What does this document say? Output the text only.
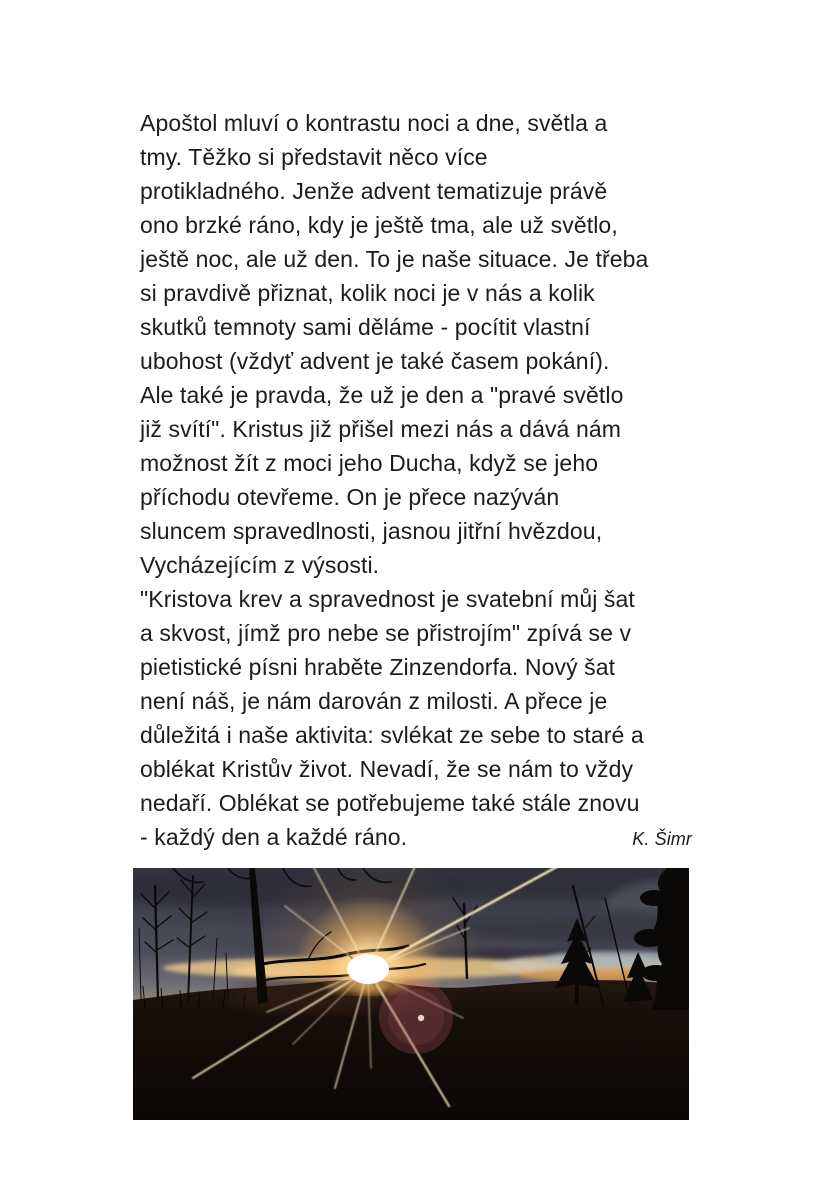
Apoštol mluví o kontrastu noci a dne, světla a
tmy. Těžko si představit něco více
protikladného. Jenže advent tematizuje právě
ono brzké ráno, kdy je ještě tma, ale už světlo,
ještě noc, ale už den. To je naše situace. Je třeba
si pravdivě přiznat, kolik noci je v nás a kolik
skutků temnoty sami děláme - pocítit vlastní
ubohost (vždyť advent je také časem pokání).
Ale také je pravda, že už je den a "pravé světlo
již svítí". Kristus již přišel mezi nás a dává nám
možnost žít z moci jeho Ducha, když se jeho
příchodu otevřeme. On je přece nazýván
sluncem spravedlnosti, jasnou jitřní hvězdou,
Vycházejícím z výsosti.
"Kristova krev a spravednost je svatební můj šat
a skvost, jímž pro nebe se přistrojím" zpívá se v
pietistické písni hraběte Zinzendorfa. Nový šat
není náš, je nám darován z milosti. A přece je
důležitá i naše aktivita: svlékat ze sebe to staré a
oblékat Kristův život. Nevadí, že se nám to vždy
nedaří. Oblékat se potřebujeme také stále znovu
- každý den a každé ráno.	K. Šimr
